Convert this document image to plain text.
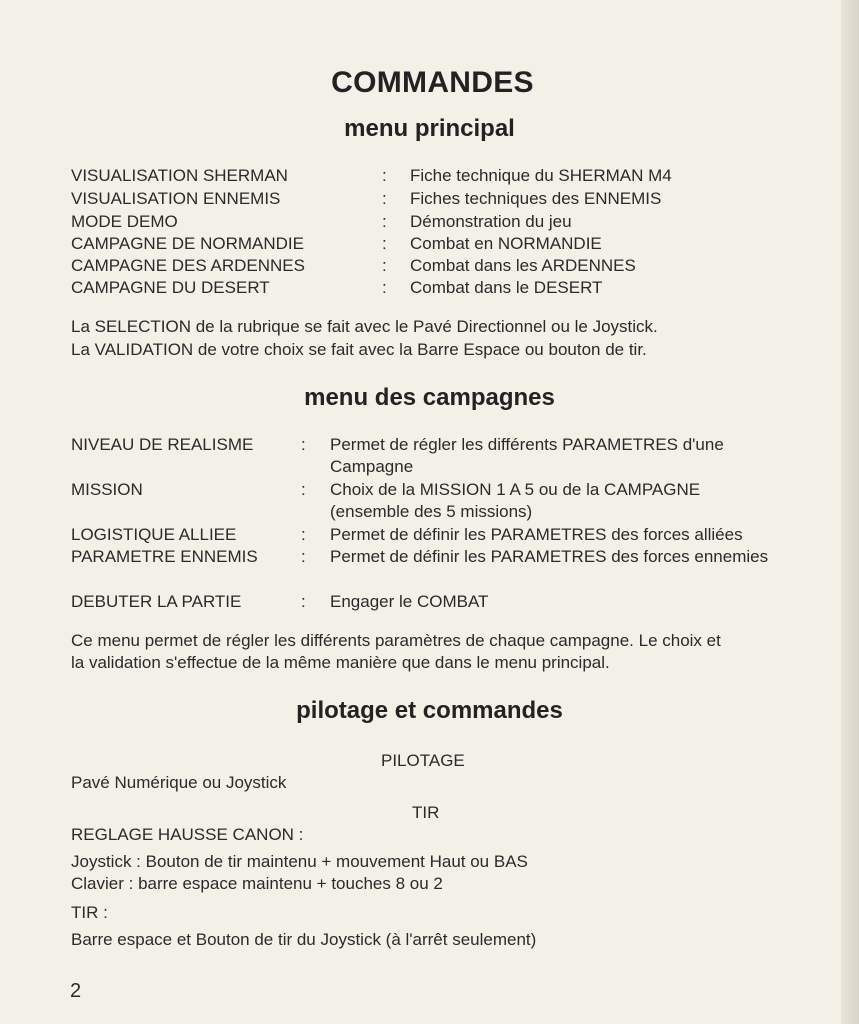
COMMANDES
menu principal
VISUALISATION SHERMAN	: Fiche technique du SHERMAN M4
VISUALISATION ENNEMIS	: Fiches techniques des ENNEMIS
MODE DEMO	: Démonstration du jeu
CAMPAGNE DE NORMANDIE	: Combat en NORMANDIE
CAMPAGNE DES ARDENNES	: Combat dans les ARDENNES
CAMPAGNE DU DESERT	: Combat dans le DESERT
La SELECTION de la rubrique se fait avec le Pavé Directionnel ou le Joystick.
La VALIDATION de votre choix se fait avec la Barre Espace ou bouton de tir.
menu des campagnes
NIVEAU DE REALISME	: Permet de régler les différents PARAMETRES d'une Campagne
MISSION	: Choix de la MISSION 1 A 5 ou de la CAMPAGNE (ensemble des 5 missions)
LOGISTIQUE ALLIEE	: Permet de définir les PARAMETRES des forces alliées
PARAMETRE ENNEMIS	: Permet de définir les PARAMETRES des forces ennemies
DEBUTER LA PARTIE	: Engager le COMBAT
Ce menu permet de régler les différents paramètres de chaque campagne. Le choix et
la validation s'effectue de la même manière que dans le menu principal.
pilotage et commandes
PILOTAGE
Pavé Numérique ou Joystick
TIR
REGLAGE HAUSSE CANON :
Joystick : Bouton de tir maintenu + mouvement Haut ou BAS
Clavier : barre espace maintenu + touches 8 ou 2
TIR :
Barre espace et Bouton de tir du Joystick (à l'arrêt seulement)
2
